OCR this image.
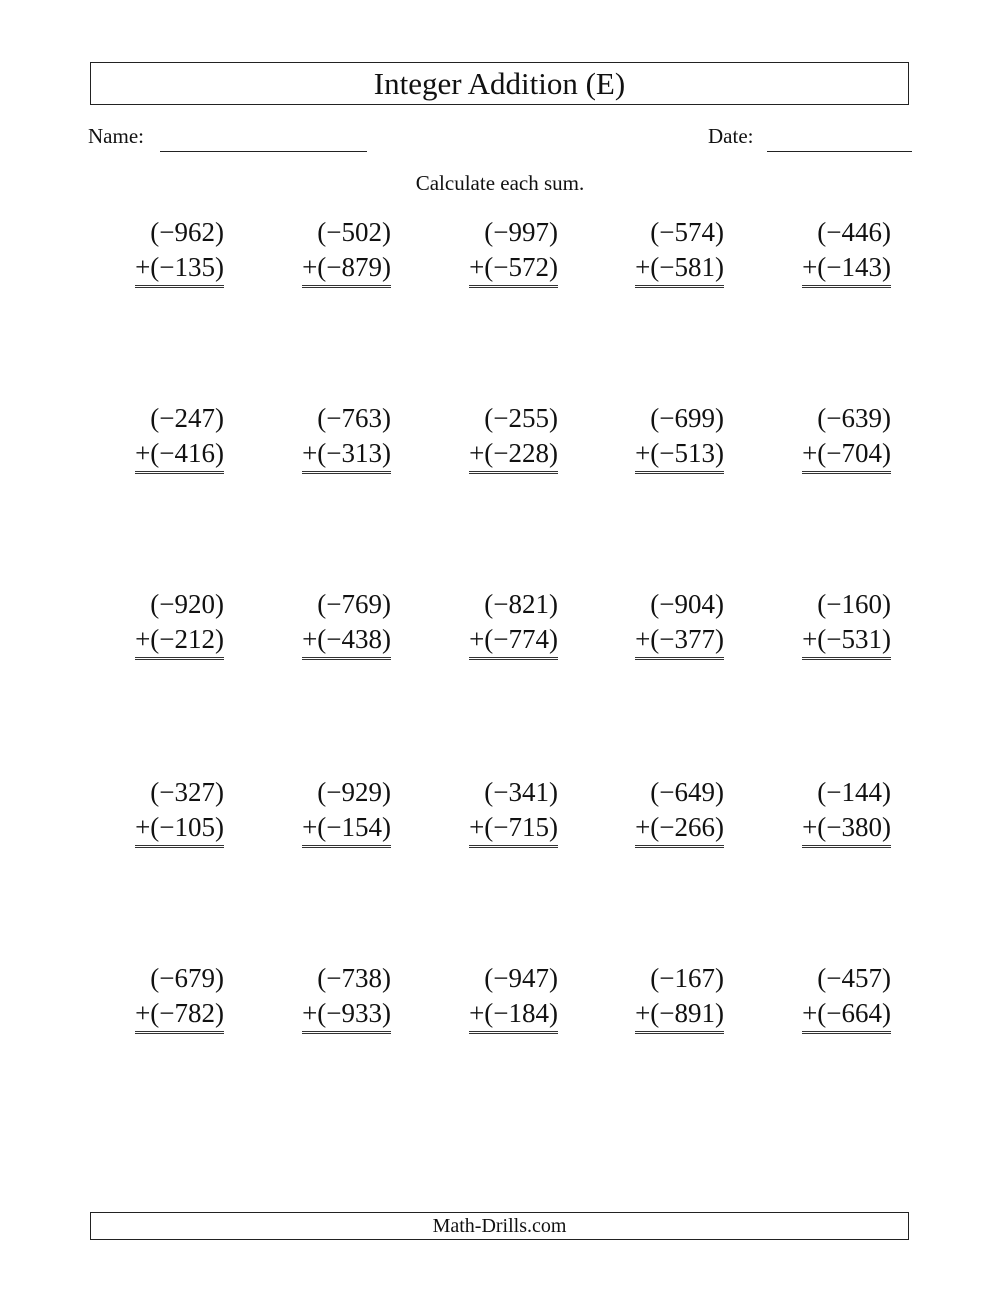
Integer Addition (E)
Name:	Date:
Calculate each sum.
(−962)
+(−135)
(−502)
+(−879)
(−997)
+(−572)
(−574)
+(−581)
(−446)
+(−143)
(−247)
+(−416)
(−763)
+(−313)
(−255)
+(−228)
(−699)
+(−513)
(−639)
+(−704)
(−920)
+(−212)
(−769)
+(−438)
(−821)
+(−774)
(−904)
+(−377)
(−160)
+(−531)
(−327)
+(−105)
(−929)
+(−154)
(−341)
+(−715)
(−649)
+(−266)
(−144)
+(−380)
(−679)
+(−782)
(−738)
+(−933)
(−947)
+(−184)
(−167)
+(−891)
(−457)
+(−664)
Math-Drills.com
